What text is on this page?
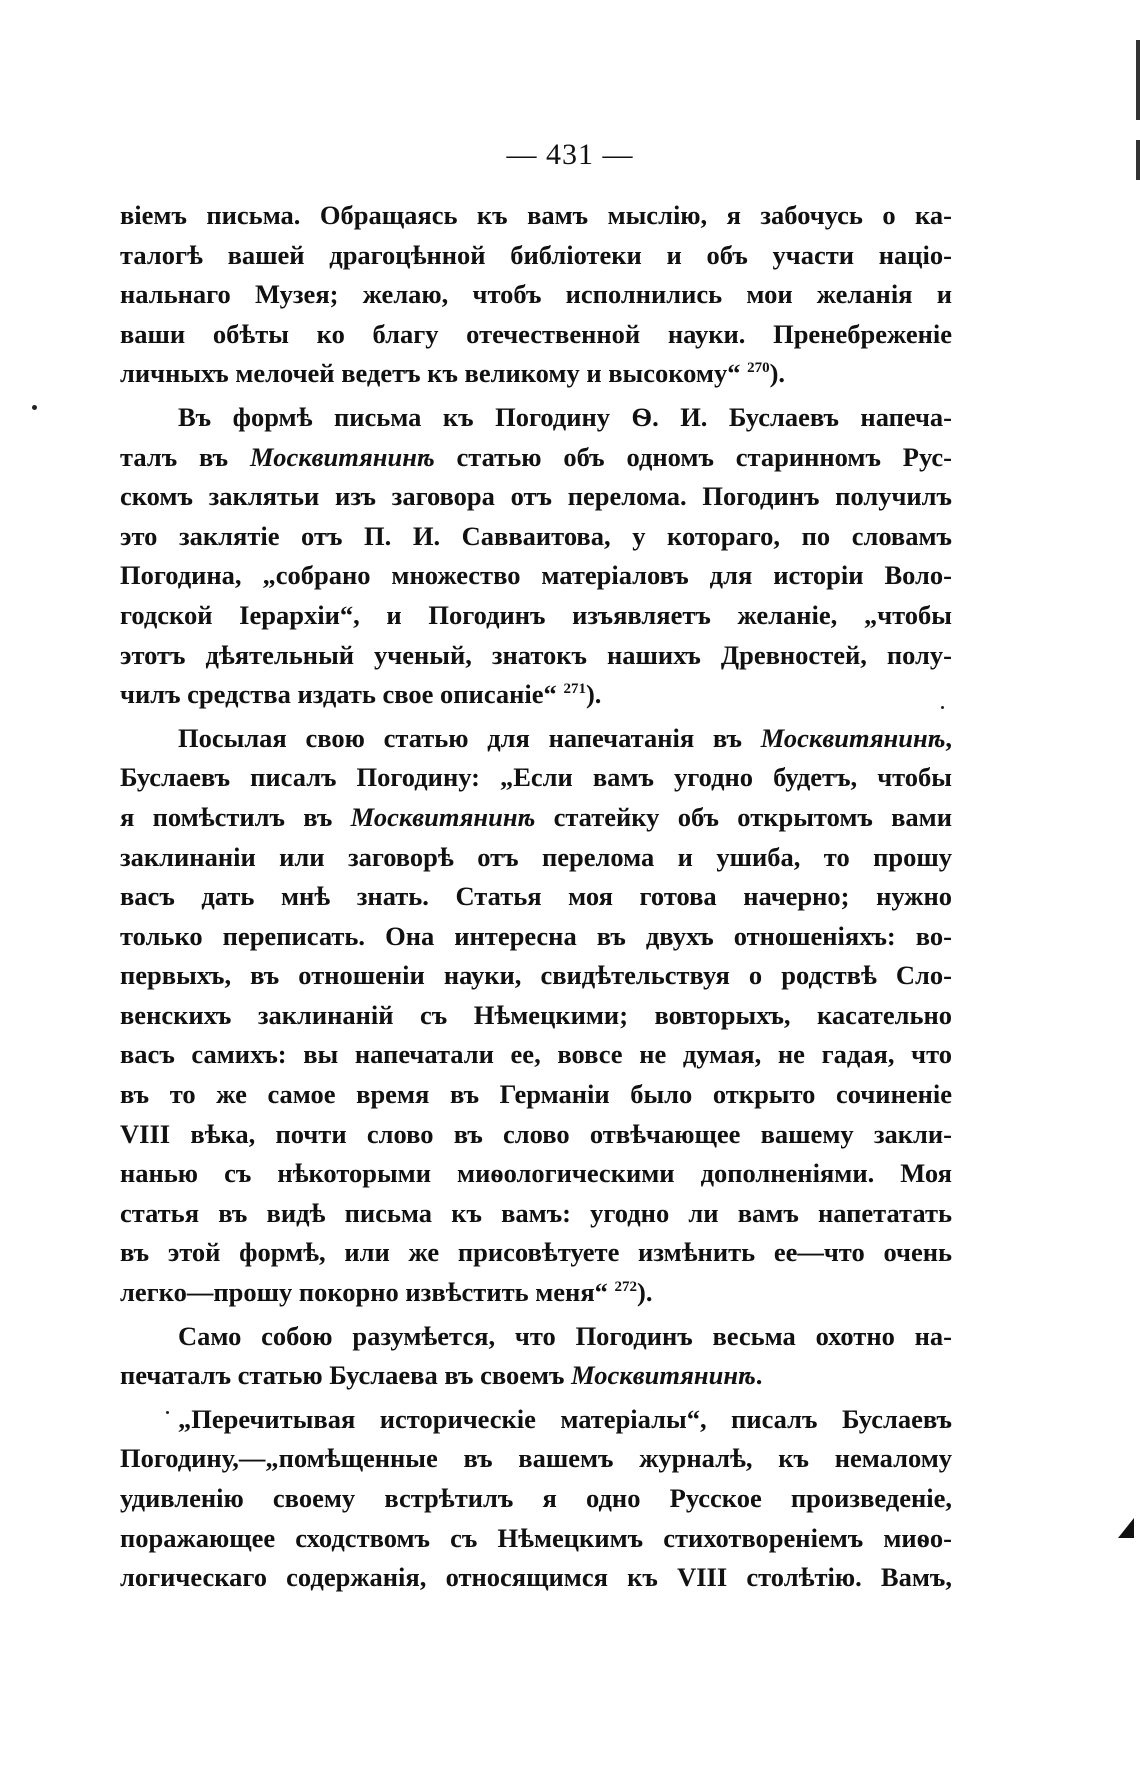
— 431 —
віемъ письма. Обращаясь къ вамъ мыслію, я забочусь о ка-
талогѣ вашей драгоцѣнной библіотеки и объ участи націо-
нальнаго Музея; желаю, чтобъ исполнились мои желанія и
ваши обѣты ко благу отечественной науки. Пренебреженіе
личныхъ мелочей ведетъ къ великому и высокому“ $^{270}$).
Въ формѣ письма къ Погодину Ѳ. И. Буслаевъ напеча-
талъ въ Москвитянинѣ статью объ одномъ старинномъ Рус-
скомъ заклятьи изъ заговора отъ перелома. Погодинъ получилъ
это заклятіе отъ П. И. Савваитова, у котораго, по словамъ
Погодина, „собрано множество матеріаловъ для исторіи Воло-
годской Іерархіи“, и Погодинъ изъявляетъ желаніе, „чтобы
этотъ дѣятельный ученый, знатокъ нашихъ Древностей, полу-
чилъ средства издать свое описаніе“ $^{271}$).
Посылая свою статью для напечатанія въ Москвитянинѣ,
Буслаевъ писалъ Погодину: „Если вамъ угодно будетъ, чтобы
я помѣстилъ въ Москвитянинѣ статейку объ открытомъ вами
заклинаніи или заговорѣ отъ перелома и ушиба, то прошу
васъ дать мнѣ знать. Статья моя готова начерно; нужно
только переписать. Она интересна въ двухъ отношеніяхъ: во-
первыхъ, въ отношеніи науки, свидѣтельствуя о родствѣ Сло-
венскихъ заклинаній съ Нѣмецкими; вовторыхъ, касательно
васъ самихъ: вы напечатали ее, вовсе не думая, не гадая, что
въ то же самое время въ Германіи было открыто сочиненіе
VIII вѣка, почти слово въ слово отвѣчающее вашему закли-
нанью съ нѣкоторыми миѳологическими дополненіями. Моя
статья въ видѣ письма къ вамъ: угодно ли вамъ напетатать
въ этой формѣ, или же присовѣтуете измѣнить ее—что очень
легко—прошу покорно извѣстить меня“ $^{272}$).
Само собою разумѣется, что Погодинъ весьма охотно на-
печаталъ статью Буслаева въ своемъ Москвитянинѣ.
„Перечитывая историческіе матеріалы“, писалъ Буслаевъ
Погодину,—„помѣщенные въ вашемъ журналѣ, къ немалому
удивленію своему встрѣтилъ я одно Русское произведеніе,
поражающее сходствомъ съ Нѣмецкимъ стихотвореніемъ миѳо-
логическаго содержанія, относящимся къ VIII столѣтію. Вамъ,
